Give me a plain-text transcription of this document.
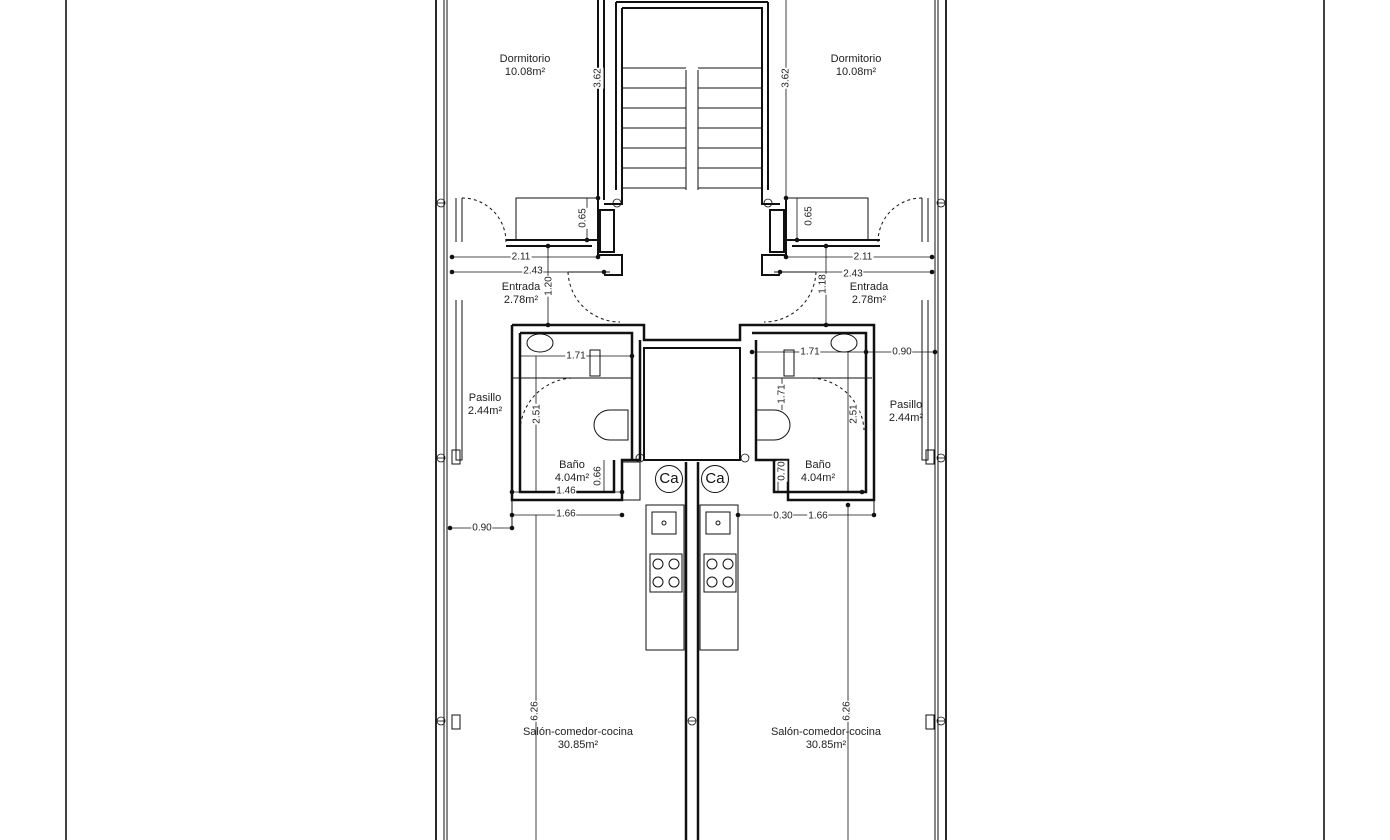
Dormitorio
10.08m²
Dormitorio
10.08m²
Entrada
2.78m²
Entrada
2.78m²
Pasillo
2.44m²	Pasillo
2.44m²
Baño
4.04m²
Baño
4.04m²
Salón-comedor-cocina
30.85m²
Salón-comedor-cocina
30.85m²
Ca Ca
3.62	3.62
0.65	0.65
2.11	2.11
2.43	2.43
1.20	1.18
1.71	1.71	0.90
1.71
2.51	2.51
0.66	0.70
1.46
1.66	0.30 1.66
0.90
6.26	6.26
